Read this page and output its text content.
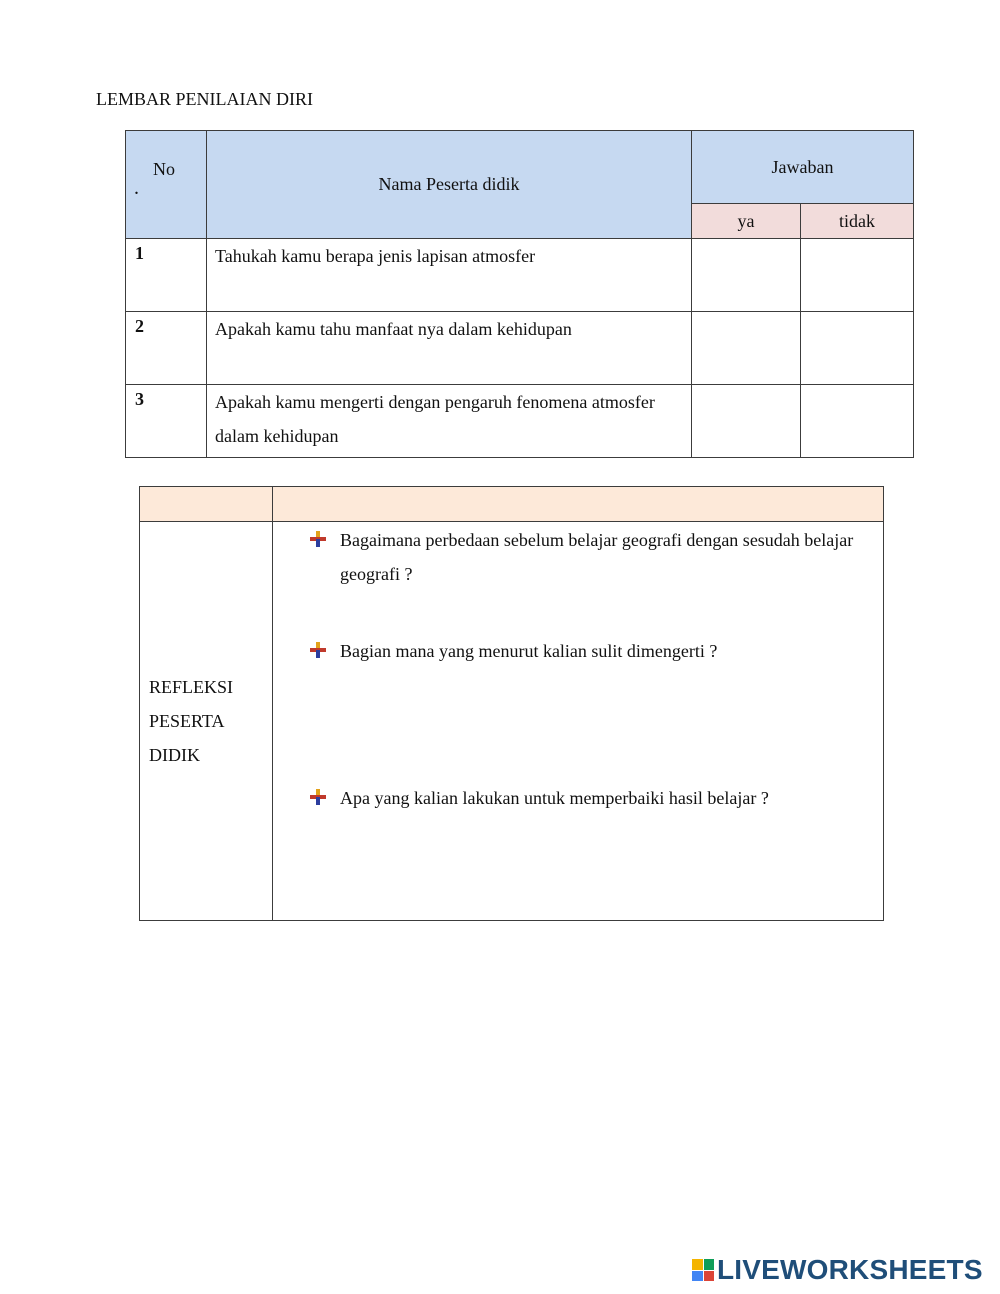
LEMBAR PENILAIAN DIRI
No
.	Nama Peserta didik	Jawaban	
		ya	tidak
1	Tahukah kamu berapa jenis lapisan atmosfer		
2	Apakah kamu tahu manfaat nya dalam kehidupan		
3	Apakah kamu mengerti dengan pengaruh fenomena atmosfer dalam kehidupan		

REFLEKSI PESERTA DIDIK	Bagaimana perbedaan sebelum belajar geografi dengan sesudah belajar geografi ?
Bagian mana yang menurut kalian sulit dimengerti ?
Apa yang kalian lakukan untuk memperbaiki hasil belajar ?
LIVEWORKSHEETS
